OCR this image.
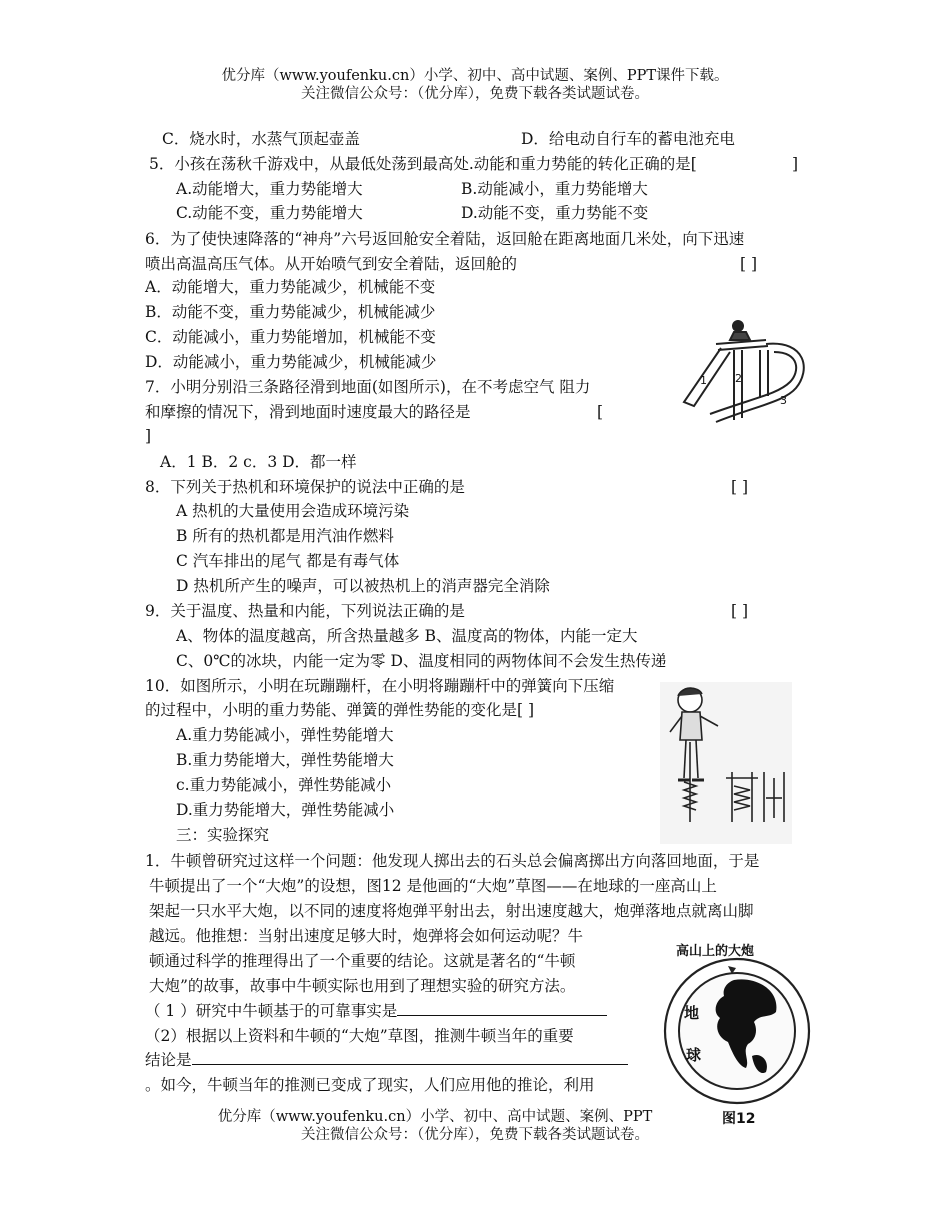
优分库（www.youfenku.cn）小学、初中、高中试题、案例、PPT课件下载。
关注微信公众号：（优分库），免费下载各类试题试卷。
C．烧水时，水蒸气顶起壶盖	D．给电动自行车的蓄电池充电
5．小孩在荡秋千游戏中，从最低处荡到最高处.动能和重力势能的转化正确的是[	]
A.动能增大，重力势能增大	B.动能减小，重力势能增大
C.动能不变，重力势能增大	D.动能不变，重力势能不变
6．为了使快速降落的“神舟”六号返回舱安全着陆，返回舱在距离地面几米处，向下迅速
喷出高温高压气体。从开始喷气到安全着陆，返回舱的	[ ]
A．动能增大，重力势能减少，机械能不变
B．动能不变，重力势能减少，机械能减少
C．动能减小，重力势能增加，机械能不变
D．动能减小，重力势能减少，机械能减少
1	2
3
7．小明分别沿三条路径滑到地面(如图所示)，在不考虑空气 阻力
和摩擦的情况下，滑到地面时速度最大的路径是	[
]
A．1 B．2 c．3 D．都一样
8．下列关于热机和环境保护的说法中正确的是	[ ]
A 热机的大量使用会造成环境污染
B 所有的热机都是用汽油作燃料
C 汽车排出的尾气 都是有毒气体
D 热机所产生的噪声，可以被热机上的消声器完全消除
9．关于温度、热量和内能，下列说法正确的是	[ ]
A、物体的温度越高，所含热量越多 B、温度高的物体，内能一定大
C、0℃的冰块，内能一定为零 D、温度相同的两物体间不会发生热传递
10．如图所示，小明在玩蹦蹦杆，在小明将蹦蹦杆中的弹簧向下压缩
的过程中，小明的重力势能、弹簧的弹性势能的变化是[ ]
A.重力势能减小，弹性势能增大
B.重力势能增大，弹性势能增大
c.重力势能减小，弹性势能减小
D.重力势能增大，弹性势能减小
三：实验探究
1．牛顿曾研究过这样一个问题：他发现人掷出去的石头总会偏离掷出方向落回地面，于是
牛顿提出了一个“大炮”的设想，图12 是他画的“大炮”草图——在地球的一座高山上
架起一只水平大炮，以不同的速度将炮弹平射出去，射出速度越大，炮弹落地点就离山脚
越远。他推想：当射出速度足够大时，炮弹将会如何运动呢？牛
顿通过科学的推理得出了一个重要的结论。这就是著名的“牛顿
大炮”的故事，故事中牛顿实际也用到了理想实验的研究方法。
（ 1 ）研究中牛顿基于的可靠事实是
（2）根据以上资料和牛顿的“大炮”草图，推测牛顿当年的重要
结论是
。如今，牛顿当年的推测已变成了现实，人们应用他的推论，利用
高山上的大炮
地
球
图12
优分库（www.youfenku.cn）小学、初中、高中试题、案例、PPT
关注微信公众号：（优分库），免费下载各类试题试卷。
